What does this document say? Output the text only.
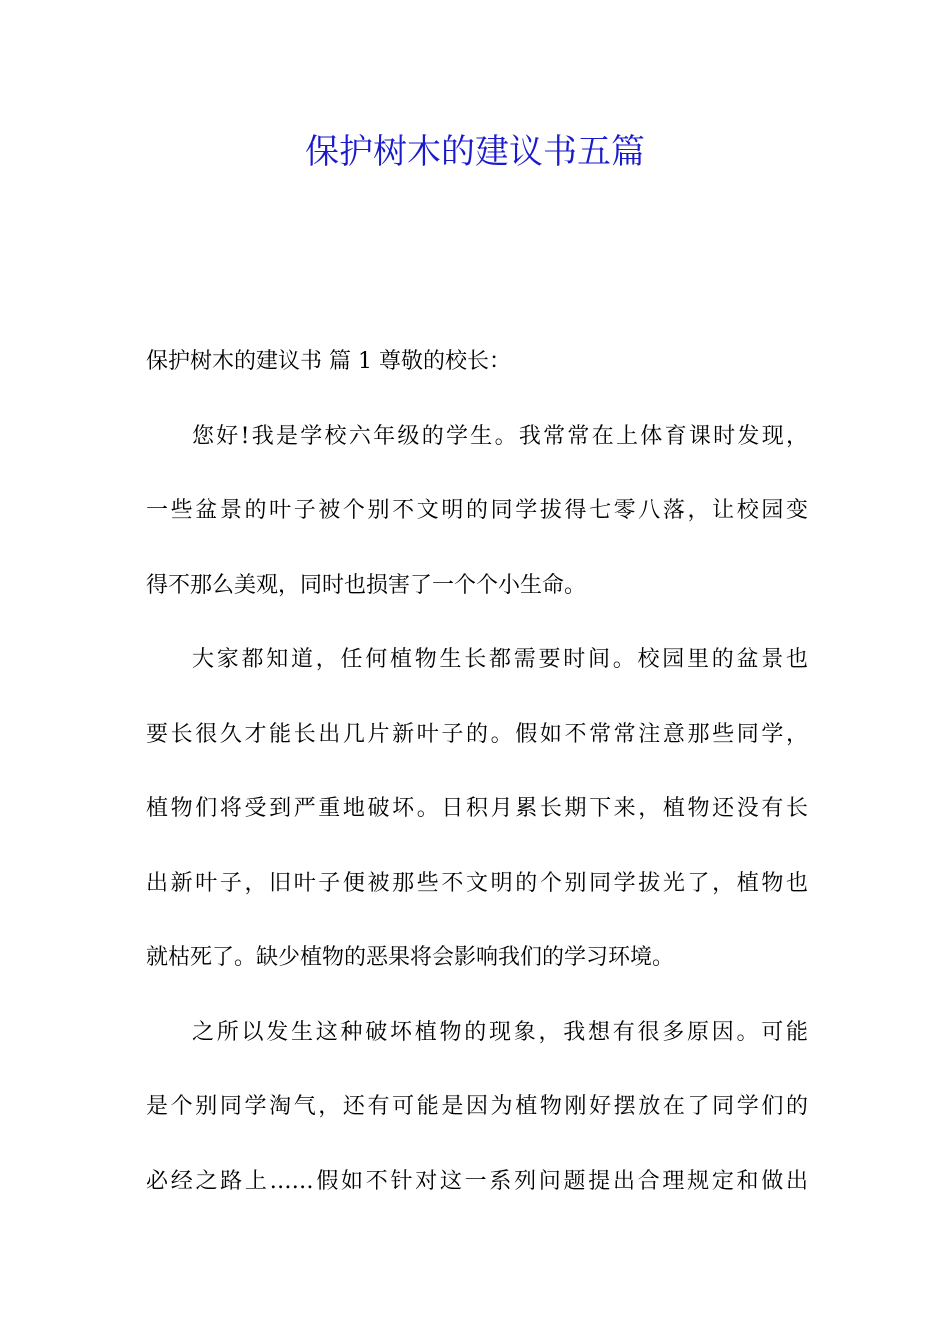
保护树木的建议书五篇
保护树木的建议书 篇 1 尊敬的校长：
您好!我是学校六年级的学生。我常常在上体育课时发现，
一些盆景的叶子被个别不文明的同学拔得七零八落，让校园变
得不那么美观，同时也损害了一个个小生命。
大家都知道，任何植物生长都需要时间。校园里的盆景也
要长很久才能长出几片新叶子的。假如不常常注意那些同学，
植物们将受到严重地破坏。日积月累长期下来，植物还没有长
出新叶子，旧叶子便被那些不文明的个别同学拔光了，植物也
就枯死了。缺少植物的恶果将会影响我们的学习环境。
之所以发生这种破坏植物的现象，我想有很多原因。可能
是个别同学淘气，还有可能是因为植物刚好摆放在了同学们的
必经之路上……假如不针对这一系列问题提出合理规定和做出
